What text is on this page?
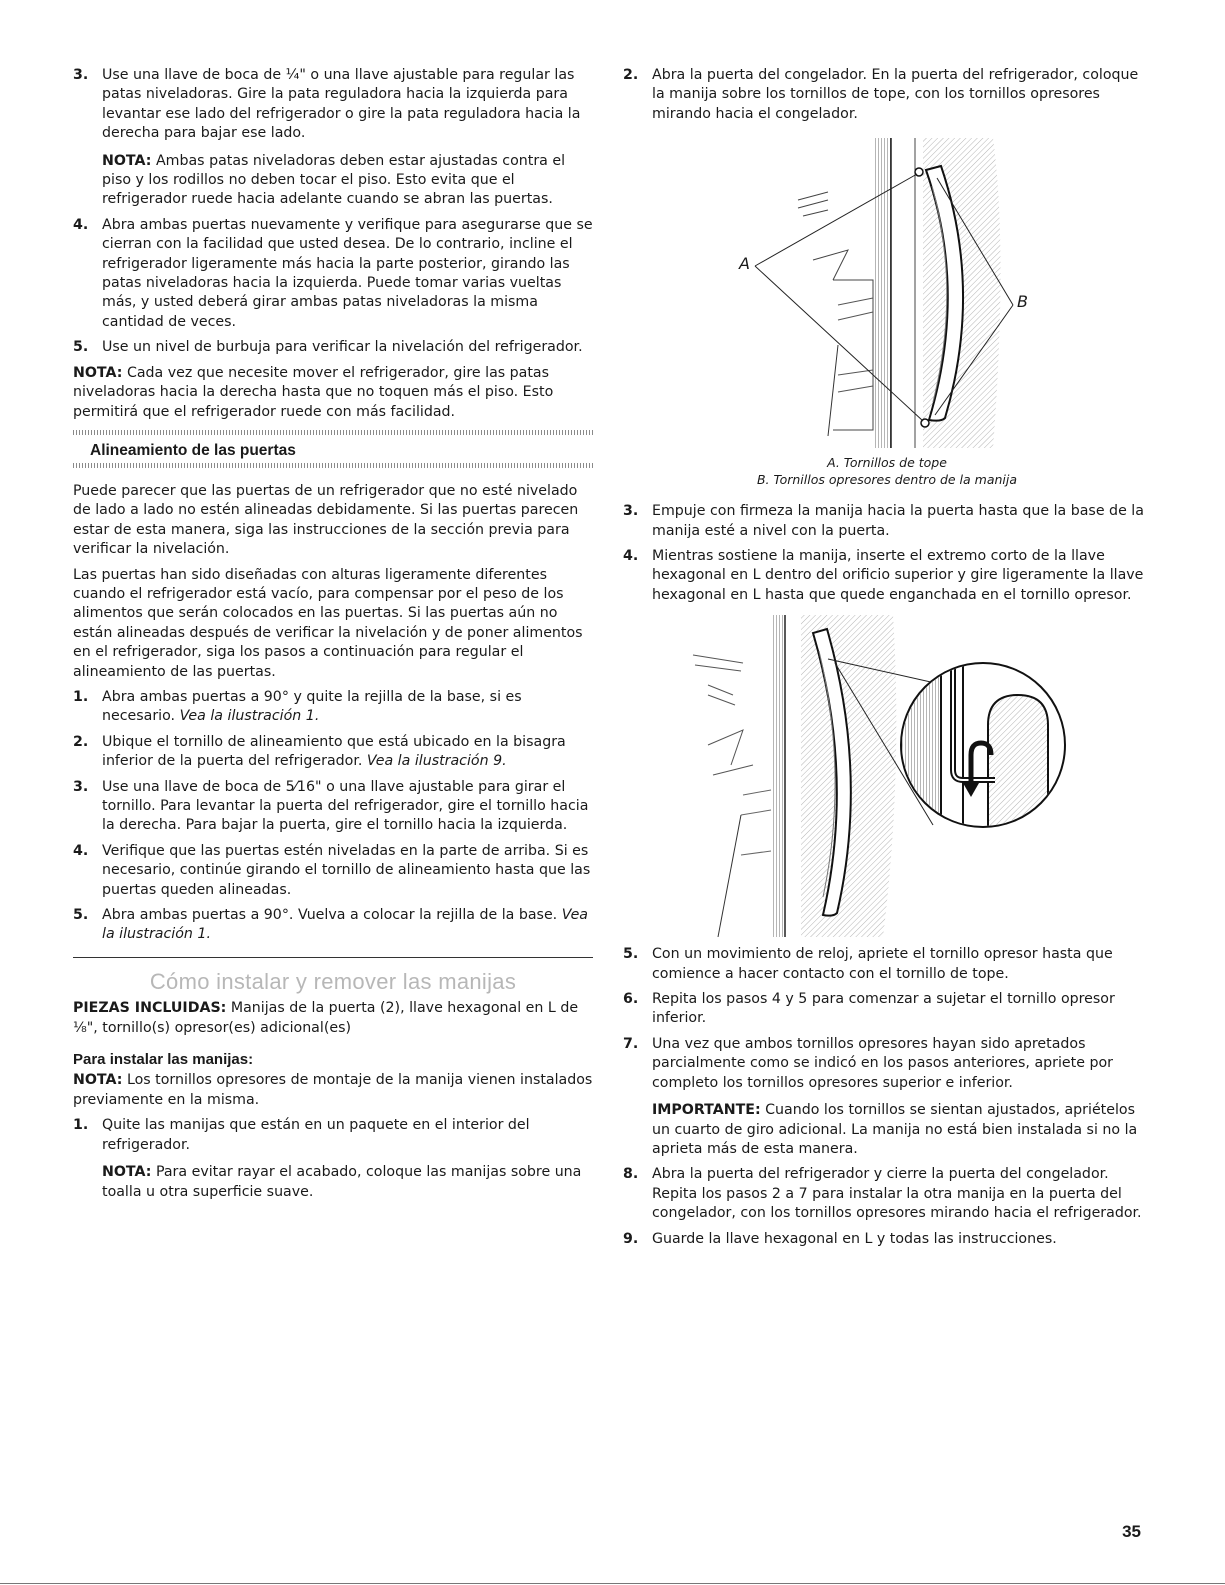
3. Use una llave de boca de ¼" o una llave ajustable para regular las patas niveladoras. Gire la pata reguladora hacia la izquierda para levantar ese lado del refrigerador o gire la pata reguladora hacia la derecha para bajar ese lado.

NOTA: Ambas patas niveladoras deben estar ajustadas contra el piso y los rodillos no deben tocar el piso. Esto evita que el refrigerador ruede hacia adelante cuando se abran las puertas.

4. Abra ambas puertas nuevamente y verifique para asegurarse que se cierran con la facilidad que usted desea. De lo contrario, incline el refrigerador ligeramente más hacia la parte posterior, girando las patas niveladoras hacia la izquierda. Puede tomar varias vueltas más, y usted deberá girar ambas patas niveladoras la misma cantidad de veces.

5. Use un nivel de burbuja para verificar la nivelación del refrigerador.

NOTA: Cada vez que necesite mover el refrigerador, gire las patas niveladoras hacia la derecha hasta que no toquen más el piso. Esto permitirá que el refrigerador ruede con más facilidad.

Alineamiento de las puertas

Puede parecer que las puertas de un refrigerador que no esté nivelado de lado a lado no estén alineadas debidamente. Si las puertas parecen estar de esta manera, siga las instrucciones de la sección previa para verificar la nivelación.

Las puertas han sido diseñadas con alturas ligeramente diferentes cuando el refrigerador está vacío, para compensar por el peso de los alimentos que serán colocados en las puertas. Si las puertas aún no están alineadas después de verificar la nivelación y de poner alimentos en el refrigerador, siga los pasos a continuación para regular el alineamiento de las puertas.

1. Abra ambas puertas a 90° y quite la rejilla de la base, si es necesario. Vea la ilustración 1.

2. Ubique el tornillo de alineamiento que está ubicado en la bisagra inferior de la puerta del refrigerador. Vea la ilustración 9.

3. Use una llave de boca de 5⁄16" o una llave ajustable para girar el tornillo. Para levantar la puerta del refrigerador, gire el tornillo hacia la derecha. Para bajar la puerta, gire el tornillo hacia la izquierda.

4. Verifique que las puertas estén niveladas en la parte de arriba. Si es necesario, continúe girando el tornillo de alineamiento hasta que las puertas queden alineadas.

5. Abra ambas puertas a 90°. Vuelva a colocar la rejilla de la base. Vea la ilustración 1.

Cómo instalar y remover las manijas

PIEZAS INCLUIDAS: Manijas de la puerta (2), llave hexagonal en L de ⅛", tornillo(s) opresor(es) adicional(es)

Para instalar las manijas:

NOTA: Los tornillos opresores de montaje de la manija vienen instalados previamente en la misma.

1. Quite las manijas que están en un paquete en el interior del refrigerador.

NOTA: Para evitar rayar el acabado, coloque las manijas sobre una toalla u otra superficie suave.

2. Abra la puerta del congelador. En la puerta del refrigerador, coloque la manija sobre los tornillos de tope, con los tornillos opresores mirando hacia el congelador.

A
B
A. Tornillos de tope
B. Tornillos opresores dentro de la manija
3. Empuje con firmeza la manija hacia la puerta hasta que la base de la manija esté a nivel con la puerta.

4. Mientras sostiene la manija, inserte el extremo corto de la llave hexagonal en L dentro del orificio superior y gire ligeramente la llave hexagonal en L hasta que quede enganchada en el tornillo opresor.

5. Con un movimiento de reloj, apriete el tornillo opresor hasta que comience a hacer contacto con el tornillo de tope.

6. Repita los pasos 4 y 5 para comenzar a sujetar el tornillo opresor inferior.

7. Una vez que ambos tornillos opresores hayan sido apretados parcialmente como se indicó en los pasos anteriores, apriete por completo los tornillos opresores superior e inferior.

IMPORTANTE: Cuando los tornillos se sientan ajustados, apriételos un cuarto de giro adicional. La manija no está bien instalada si no la aprieta más de esta manera.

8. Abra la puerta del refrigerador y cierre la puerta del congelador. Repita los pasos 2 a 7 para instalar la otra manija en la puerta del congelador, con los tornillos opresores mirando hacia el refrigerador.

9. Guarde la llave hexagonal en L y todas las instrucciones.

35
